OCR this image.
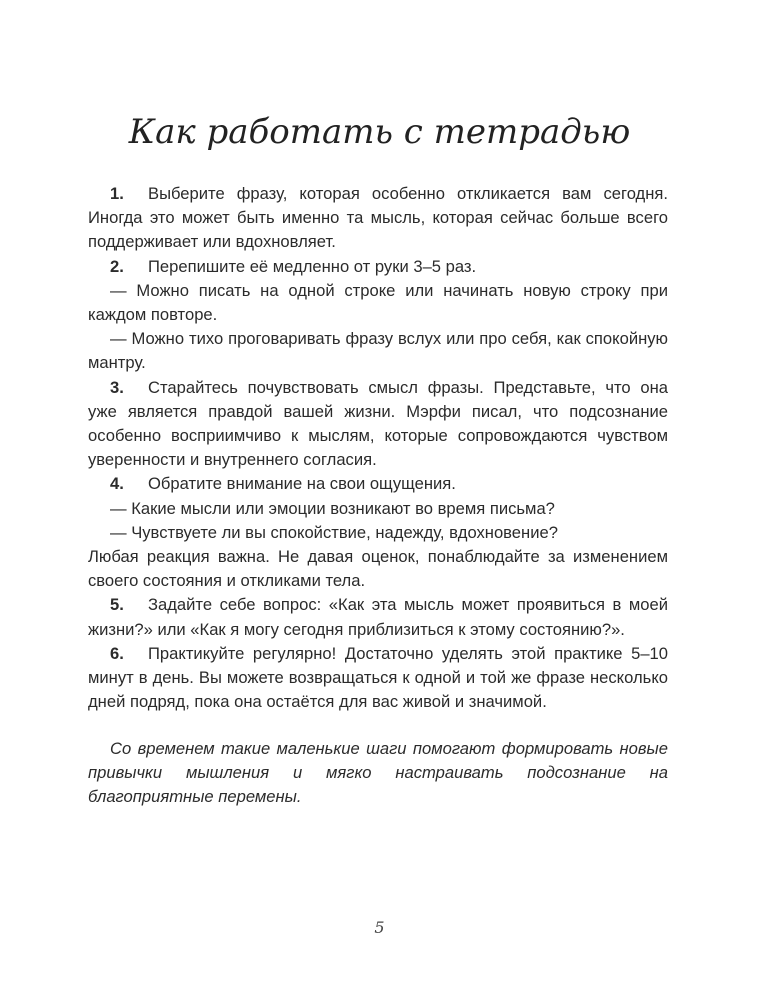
Как работать с тетрадью

1. Выберите фразу, которая особенно откликается вам сегодня. Иногда это может быть именно та мысль, которая сейчас больше всего поддерживает или вдохновляет.

2. Перепишите её медленно от руки 3–5 раз.

— Можно писать на одной строке или начинать новую строку при каждом повторе.

— Можно тихо проговаривать фразу вслух или про себя, как спокойную мантру.

3. Старайтесь почувствовать смысл фразы. Представьте, что она уже является правдой вашей жизни. Мэрфи писал, что подсознание особенно восприимчиво к мыслям, которые сопровождаются чувством уверенности и внутреннего согласия.

4. Обратите внимание на свои ощущения.

— Какие мысли или эмоции возникают во время письма?

— Чувствуете ли вы спокойствие, надежду, вдохновение?

Любая реакция важна. Не давая оценок, понаблюдайте за изменением своего состояния и откликами тела.

5. Задайте себе вопрос: «Как эта мысль может проявиться в моей жизни?» или «Как я могу сегодня приблизиться к этому состоянию?».

6. Практикуйте регулярно! Достаточно уделять этой практике 5–10 минут в день. Вы можете возвращаться к одной и той же фразе несколько дней подряд, пока она остаётся для вас живой и значимой.

Со временем такие маленькие шаги помогают формировать новые привычки мышления и мягко настраивать подсознание на благоприятные перемены.

5
